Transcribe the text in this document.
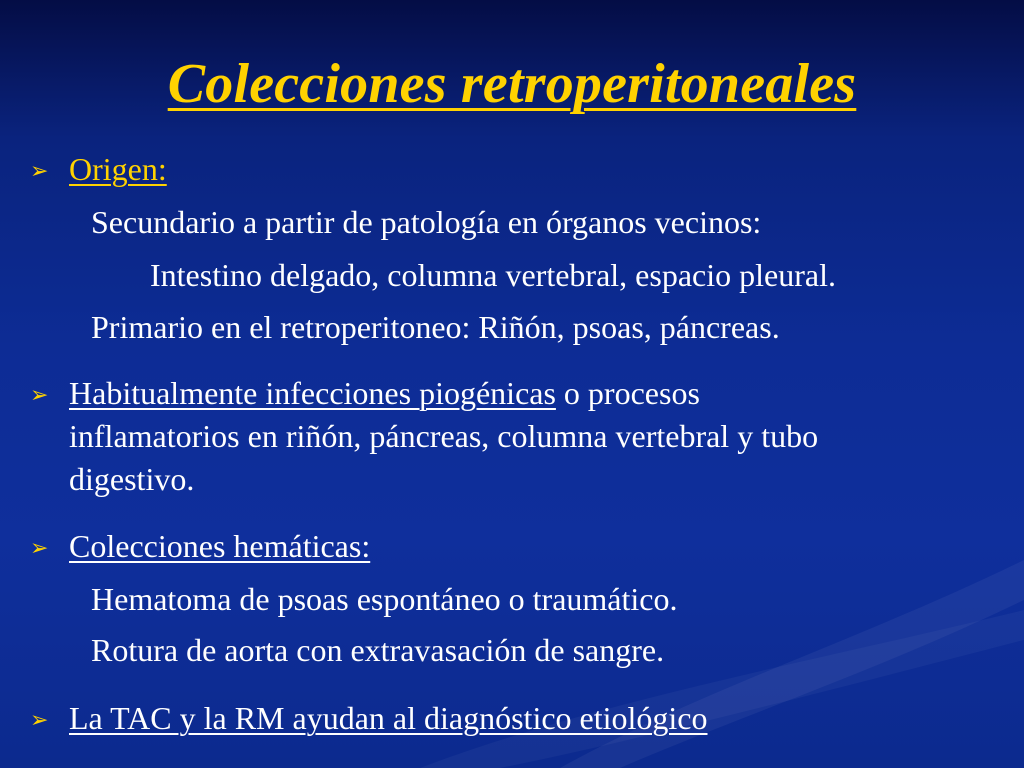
Colecciones retroperitoneales
➢ Origen:
Secundario a partir de patología en órganos vecinos:
Intestino delgado, columna vertebral, espacio pleural.
Primario en el retroperitoneo: Riñón, psoas, páncreas.
➢ Habitualmente infecciones piogénicas o procesos
inflamatorios en riñón, páncreas, columna vertebral y tubo
digestivo.
➢ Colecciones hemáticas:
Hematoma de psoas espontáneo o traumático.
Rotura de aorta con extravasación de sangre.
➢ La TAC y la RM ayudan al diagnóstico etiológico
